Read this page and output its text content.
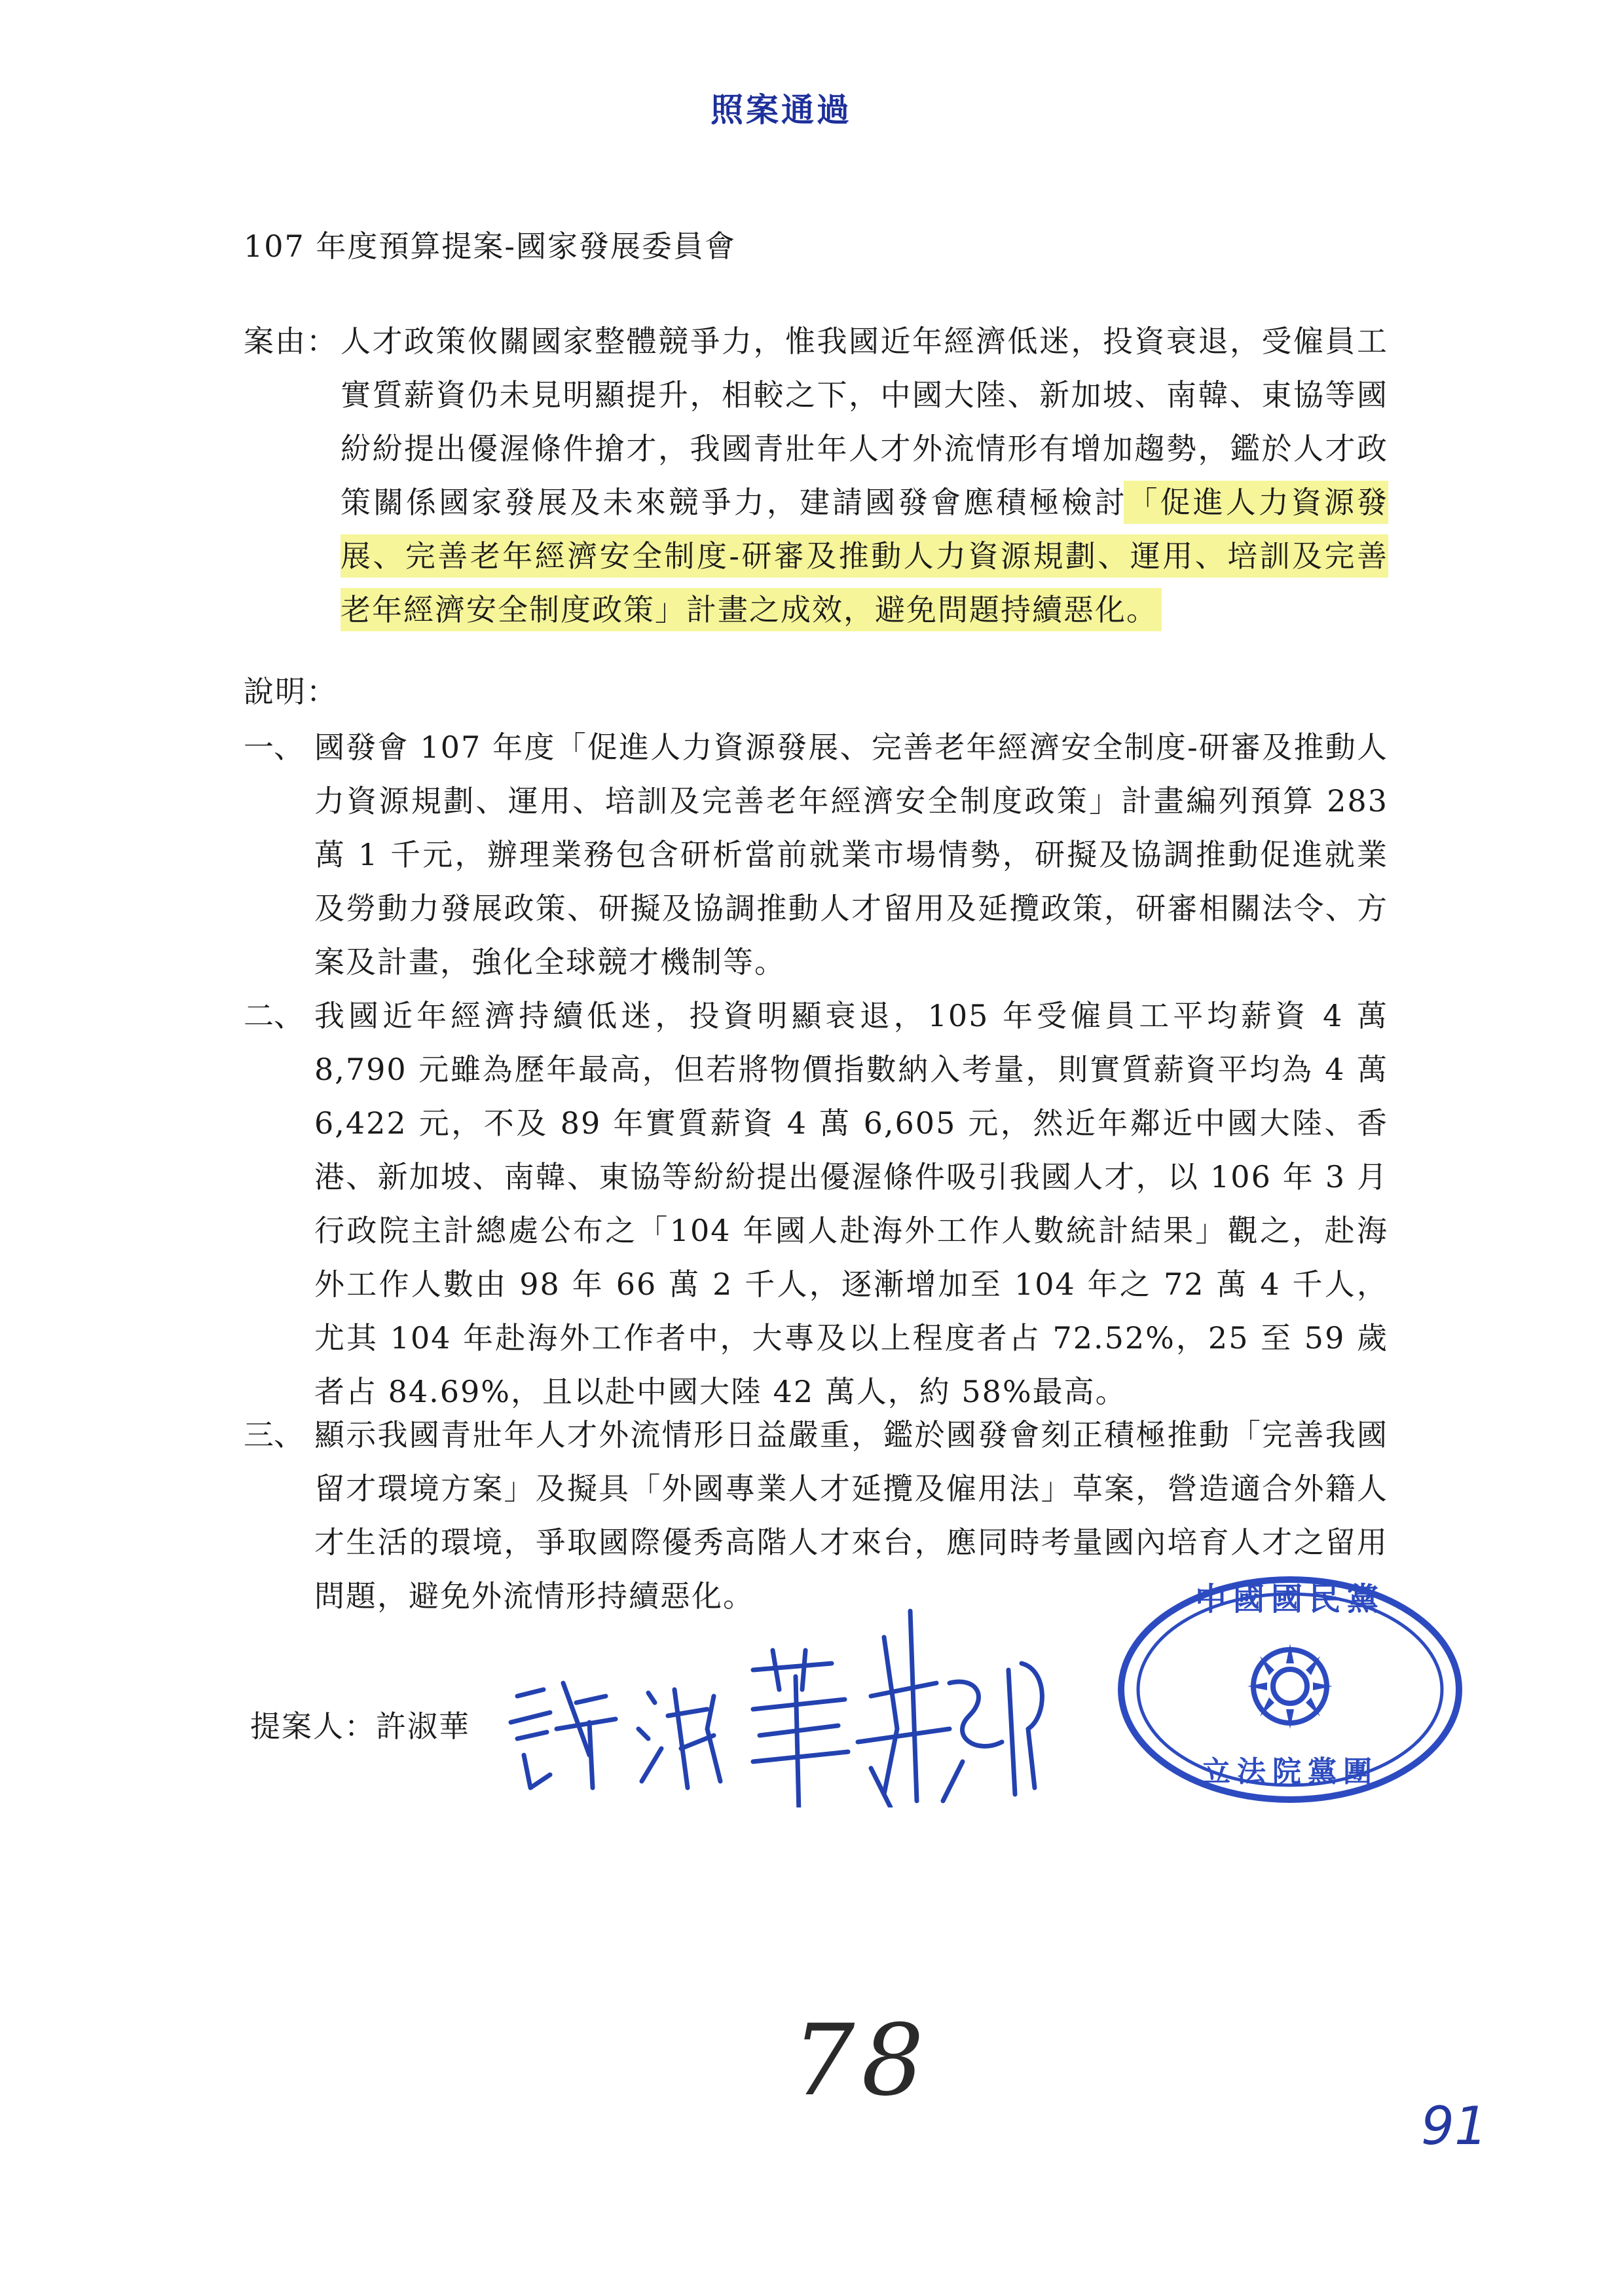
照案通過
107 年度預算提案-國家發展委員會
案由： 人才政策攸關國家整體競爭力，惟我國近年經濟低迷，投資衰退，受僱員工實質薪資仍未見明顯提升，相較之下，中國大陸、新加坡、南韓、東協等國紛紛提出優渥條件搶才，我國青壯年人才外流情形有增加趨勢，鑑於人才政策關係國家發展及未來競爭力，建請國發會應積極檢討「促進人力資源發展、完善老年經濟安全制度-研審及推動人力資源規劃、運用、培訓及完善老年經濟安全制度政策」計畫之成效，避免問題持續惡化。
說明：
一、 國發會 107 年度「促進人力資源發展、完善老年經濟安全制度-研審及推動人力資源規劃、運用、培訓及完善老年經濟安全制度政策」計畫編列預算 283 萬 1 千元，辦理業務包含研析當前就業市場情勢，研擬及協調推動促進就業及勞動力發展政策、研擬及協調推動人才留用及延攬政策，研審相關法令、方案及計畫，強化全球競才機制等。
二、 我國近年經濟持續低迷，投資明顯衰退，105 年受僱員工平均薪資 4 萬 8,790 元雖為歷年最高，但若將物價指數納入考量，則實質薪資平均為 4 萬 6,422 元，不及 89 年實質薪資 4 萬 6,605 元，然近年鄰近中國大陸、香港、新加坡、南韓、東協等紛紛提出優渥條件吸引我國人才，以 106 年 3 月行政院主計總處公布之「104 年國人赴海外工作人數統計結果」觀之，赴海外工作人數由 98 年 66 萬 2 千人，逐漸增加至 104 年之 72 萬 4 千人，尤其 104 年赴海外工作者中，大專及以上程度者占 72.52%，25 至 59 歲者占 84.69%，且以赴中國大陸 42 萬人，約 58%最高。
三、 顯示我國青壯年人才外流情形日益嚴重，鑑於國發會刻正積極推動「完善我國留才環境方案」及擬具「外國專業人才延攬及僱用法」草案，營造適合外籍人才生活的環境，爭取國際優秀高階人才來台，應同時考量國內培育人才之留用問題，避免外流情形持續惡化。
提案人：許淑華
中國國民黨
立法院黨團
78
91
